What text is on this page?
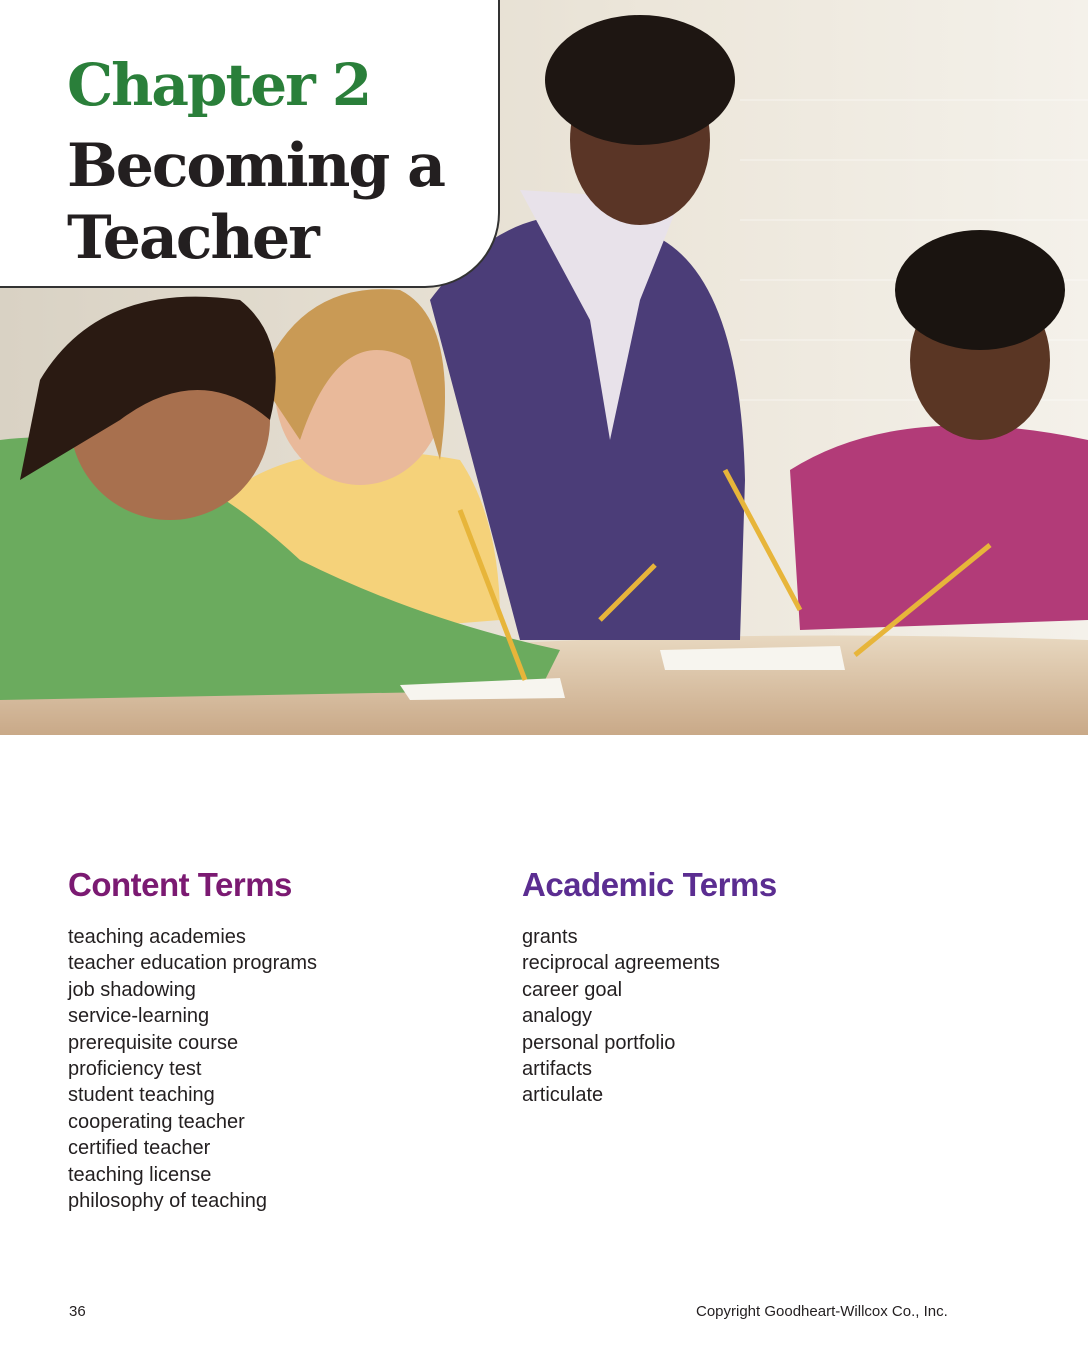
Chapter 2
Becoming a
Teacher
Content Terms
teaching academies
teacher education programs
job shadowing
service-learning
prerequisite course
proficiency test
student teaching
cooperating teacher
certified teacher
teaching license
philosophy of teaching
Academic Terms
grants
reciprocal agreements
career goal
analogy
personal portfolio
artifacts
articulate
36	Copyright Goodheart-Willcox Co., Inc.
